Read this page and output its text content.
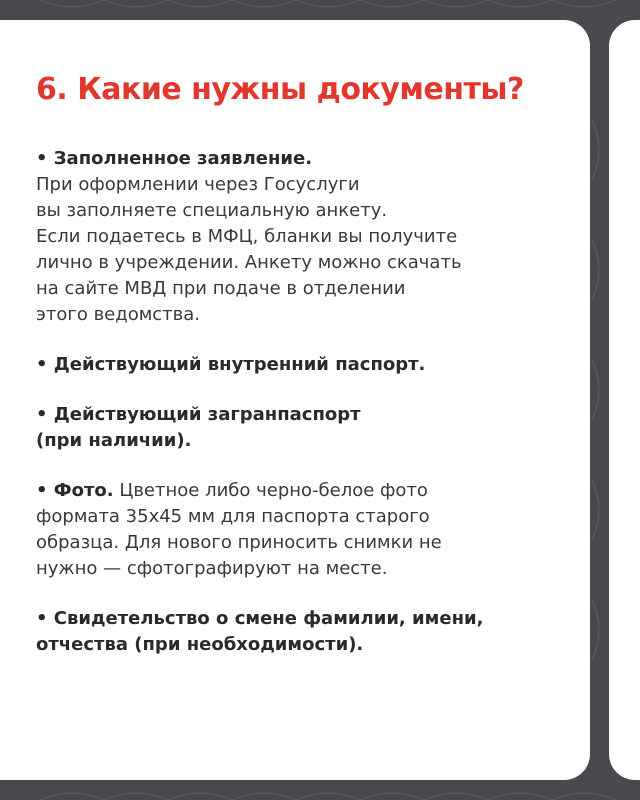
6. Какие нужны документы?

• Заполненное заявление.

При оформлении через Госуслуги

вы заполняете специальную анкету.

Если подаетесь в МФЦ, бланки вы получите

лично в учреждении. Анкету можно скачать

на сайте МВД при подаче в отделении

этого ведомства.

• Действующий внутренний паспорт.

• Действующий загранпаспорт

(при наличии).

• Фото. Цветное либо черно-белое фото

формата 35х45 мм для паспорта старого

образца. Для нового приносить снимки не

нужно — сфотографируют на месте.

• Свидетельство о смене фамилии, имени,

отчества (при необходимости).
